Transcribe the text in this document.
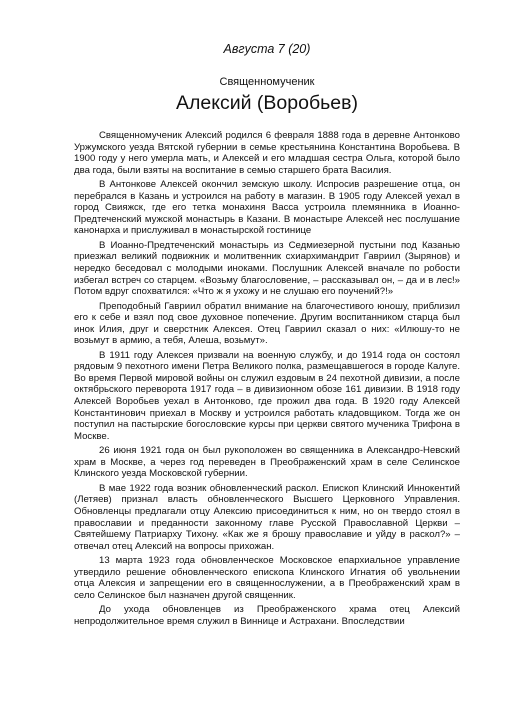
Августа 7 (20)
Священномученик
Алексий (Воробьев)

Священномученик Алексий родился 6 февраля 1888 года в деревне Антонково Уржумского уезда Вятской губернии в семье крестьянина Константина Воробьева. В 1900 году у него умерла мать, и Алексей и его младшая сестра Ольга, которой было два года, были взяты на воспитание в семью старшего брата Василия.

В Антонкове Алексей окончил земскую школу. Испросив разрешение отца, он перебрался в Казань и устроился на работу в магазин. В 1905 году Алексей уехал в город Свияжск, где его тетка монахиня Васса устроила племянника в Иоанно-Предтеченский мужской монастырь в Казани. В монастыре Алексей нес послушание канонарха и прислуживал в монастырской гостинице

В Иоанно-Предтеченский монастырь из Седмиезерной пустыни под Казанью приезжал великий подвижник и молитвенник схиархимандрит Гавриил (Зырянов) и нередко беседовал с молодыми иноками. Послушник Алексей вначале по робости избегал встреч со старцем. «Возьму благословение, – рассказывал он, – да и в лес!» Потом вдруг спохватился: «Что ж я ухожу и не слушаю его поучений?!»

Преподобный Гавриил обратил внимание на благочестивого юношу, приблизил его к себе и взял под свое духовное попечение. Другим воспитанником старца был инок Илия, друг и сверстник Алексея. Отец Гавриил сказал о них: «Илюшу-то не возьмут в армию, а тебя, Алеша, возьмут».

В 1911 году Алексея призвали на военную службу, и до 1914 года он состоял рядовым 9 пехотного имени Петра Великого полка, размещавшегося в городе Калуге. Во время Первой мировой войны он служил ездовым в 24 пехотной дивизии, а после октябрьского переворота 1917 года – в дивизионном обозе 161 дивизии. В 1918 году Алексей Воробьев уехал в Антонково, где прожил два года. В 1920 году Алексей Константинович приехал в Москву и устроился работать кладовщиком. Тогда же он поступил на пастырские богословские курсы при церкви святого мученика Трифона в Москве.

26 июня 1921 года он был рукоположен во священника в Александро-Невский храм в Москве, а через год переведен в Преображенский храм в селе Селинское Клинского уезда Московской губернии.

В мае 1922 года возник обновленческий раскол. Епископ Клинский Иннокентий (Летяев) признал власть обновленческого Высшего Церковного Управления. Обновленцы предлагали отцу Алексию присоединиться к ним, но он твердо стоял в православии и преданности законному главе Русской Православной Церкви – Святейшему Патриарху Тихону. «Как же я брошу православие и уйду в раскол?» – отвечал отец Алексий на вопросы прихожан.

13 марта 1923 года обновленческое Московское епархиальное управление утвердило решение обновленческого епископа Клинского Игнатия об увольнении отца Алексия и запрещении его в священнослужении, а в Преображенский храм в село Селинское был назначен другой священник.

До ухода обновленцев из Преображенского храма отец Алексий непродолжительное время служил в Виннице и Астрахани. Впоследствии
